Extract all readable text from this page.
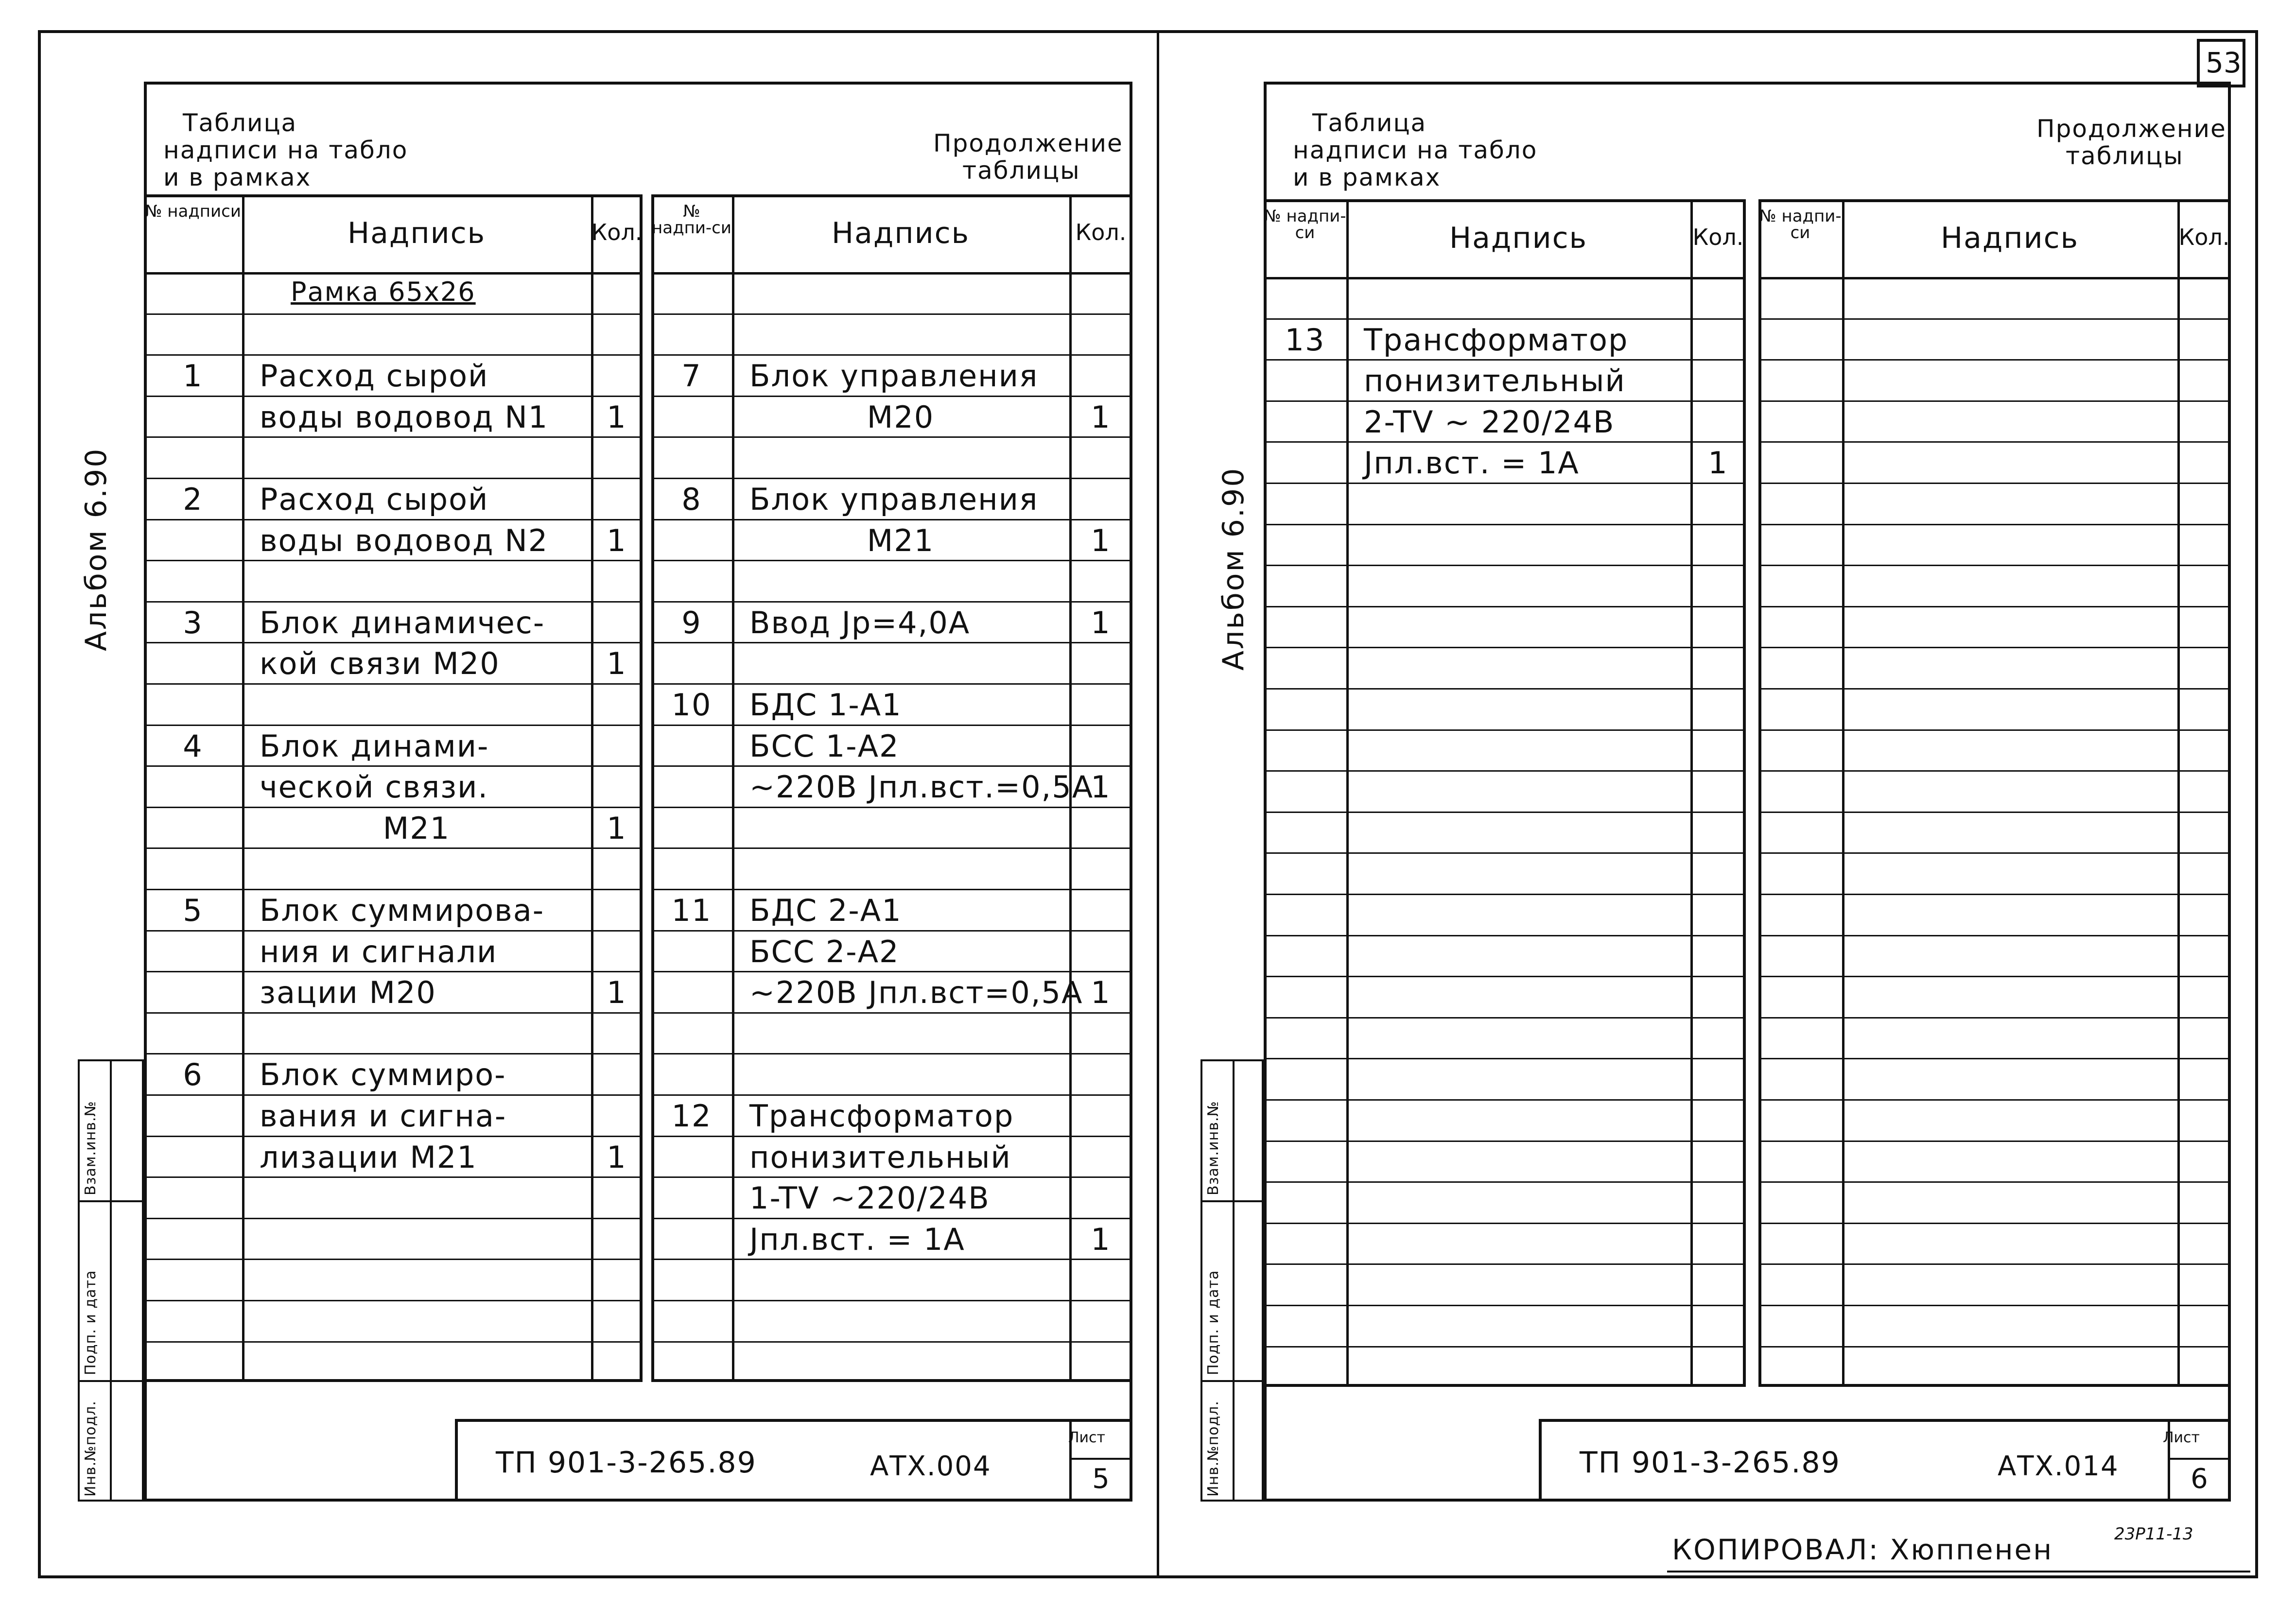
53
Инв.№подл.
Подп. и дата
Взам.инв.№
Альбом 6.90
Таблица
надписи на табло
и в рамках
Продолжение
таблицы
№ надписи
Надпись	Кол.
Рамка 65х26
1	Расход сырой
воды водовод N1	1
2	Расход сырой
воды водовод N2	1
3	Блок динамичес-
кой связи М20	1
4	Блок динами-
ческой связи.
М21	1
5	Блок суммирова-
ния и сигнали
зации М20	1
6	Блок суммиро-
вания и сигна-
лизации М21	1
№ надпи-си	Надпись	Кол.
7	Блок управления
М20	1
8	Блок управления
М21	1
9	Ввод Jр=4,0А	1
10	БДС 1-А1
БСС 1-А2
~220В Jпл.вст.=0,5А
1
11	БДС 2-А1
БСС 2-А2
~220В Jпл.вст=0,5А 1
12	Трансформатор
понизительный
1-TV ~220/24В
Jпл.вст. = 1А	1
ТП 901-3-265.89	АТХ.004
Лист
5	Инв.№подл.
Подп. и дата
Взам.инв.№
Альбом 6.90
Таблица
надписи на табло
и в рамках
Продолжение
таблицы
№ надпи-си	Надпись	Кол.
13	Трансформатор
понизительный
2-TV ~ 220/24В
Jпл.вст. = 1А	1
№ надпи-си	Надпись	Кол.
ТП 901-3-265.89	АТХ.014
Лист
6
КОПИРОВАЛ: Хюппенен	23Р11-13
